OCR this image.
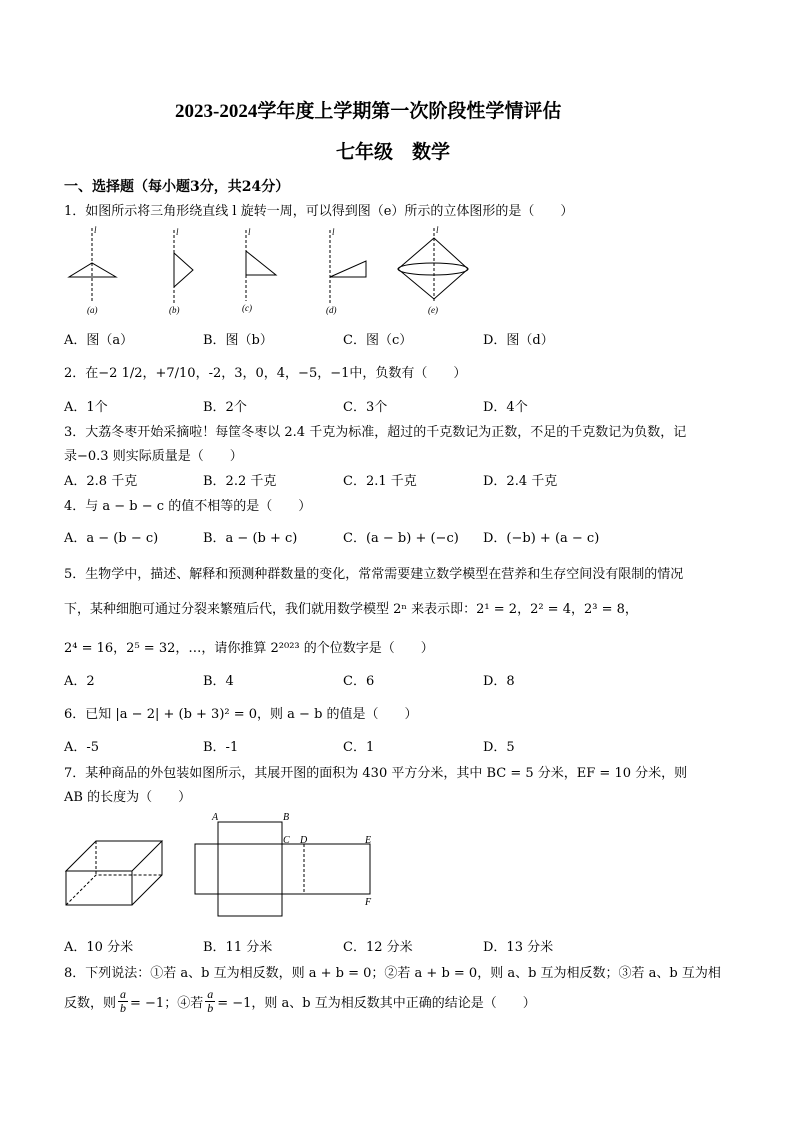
2023-2024学年度上学期第一次阶段性学情评估
七年级　数学
一、选择题（每小题3分，共24分）
1．如图所示将三角形绕直线 l 旋转一周，可以得到图（e）所示的立体图形的是（　　）
l
(a)
l
(b)
l
(c)
l
(d)
l
(e)
A．图（a）	B．图（b）	C．图（c）	D．图（d）
2．在−2 1/2，+7/10，-2，3，0，4，−5，−1中，负数有（　　）
A．1个	B．2个	C．3个	D．4个
3．大荔冬枣开始采摘啦！每筐冬枣以 2.4 千克为标准，超过的千克数记为正数，不足的千克数记为负数，记
录−0.3 则实际质量是（　　）
A．2.8 千克	B．2.2 千克	C．2.1 千克	D．2.4 千克
4．与 a − b − c 的值不相等的是（　　）
A．a − (b − c)	B．a − (b + c)	C．(a − b) + (−c) D．(−b) + (a − c)
5．生物学中，描述、解释和预测种群数量的变化，常常需要建立数学模型在营养和生存空间没有限制的情况
下，某种细胞可通过分裂来繁殖后代，我们就用数学模型 2ⁿ 来表示即：2¹ = 2，2² = 4，2³ = 8，
2⁴ = 16，2⁵ = 32，…，请你推算 2²⁰²³ 的个位数字是（　　）
A．2	B．4	C．6	D．8
6．已知 |a − 2| + (b + 3)² = 0，则 a − b 的值是（　　）
A．-5	B．-1	C．1	D．5
7．某种商品的外包装如图所示，其展开图的面积为 430 平方分米，其中 BC = 5 分米，EF = 10 分米，则
AB 的长度为（　　）
A	B
C D	E
F
A．10 分米	B．11 分米	C．12 分米	D．13 分米
8．下列说法：①若 a、b 互为相反数，则 a + b = 0；②若 a + b = 0，则 a、b 互为相反数；③若 a、b 互为相
反数，则 $\frac{a}{b} = -1$；④若 $\frac{a}{b} = -1$，则 a、b 互为相反数其中正确的结论是（　　）
